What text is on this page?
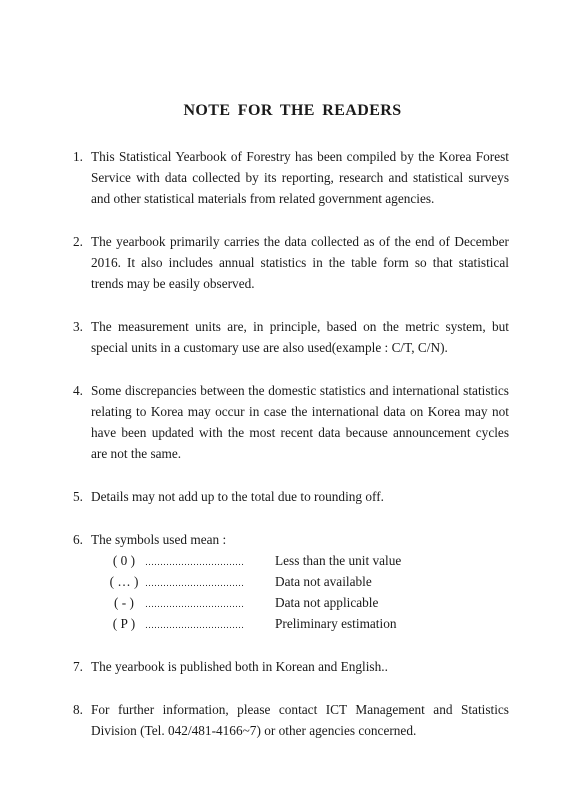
NOTE FOR THE READERS
1. This Statistical Yearbook of Forestry has been compiled by the Korea Forest Service with data collected by its reporting, research and statistical surveys and other statistical materials from related government agencies.
2. The yearbook primarily carries the data collected as of the end of December 2016. It also includes annual statistics in the table form so that statistical trends may be easily observed.
3. The measurement units are, in principle, based on the metric system, but special units in a customary use are also used(example : C/T, C/N).
4. Some discrepancies between the domestic statistics and international statistics relating to Korea may occur in case the international data on Korea may not have been updated with the most recent data because announcement cycles are not the same.
5. Details may not add up to the total due to rounding off.
6. The symbols used mean :
( 0 )	……………………………	Less than the unit value
( … ) ……………………………	Data not available
( - )	……………………………	Data not applicable
( P )	……………………………	Preliminary estimation
7. The yearbook is published both in Korean and English..
8. For further information, please contact ICT Management and Statistics Division (Tel. 042/481-4166~7) or other agencies concerned.
